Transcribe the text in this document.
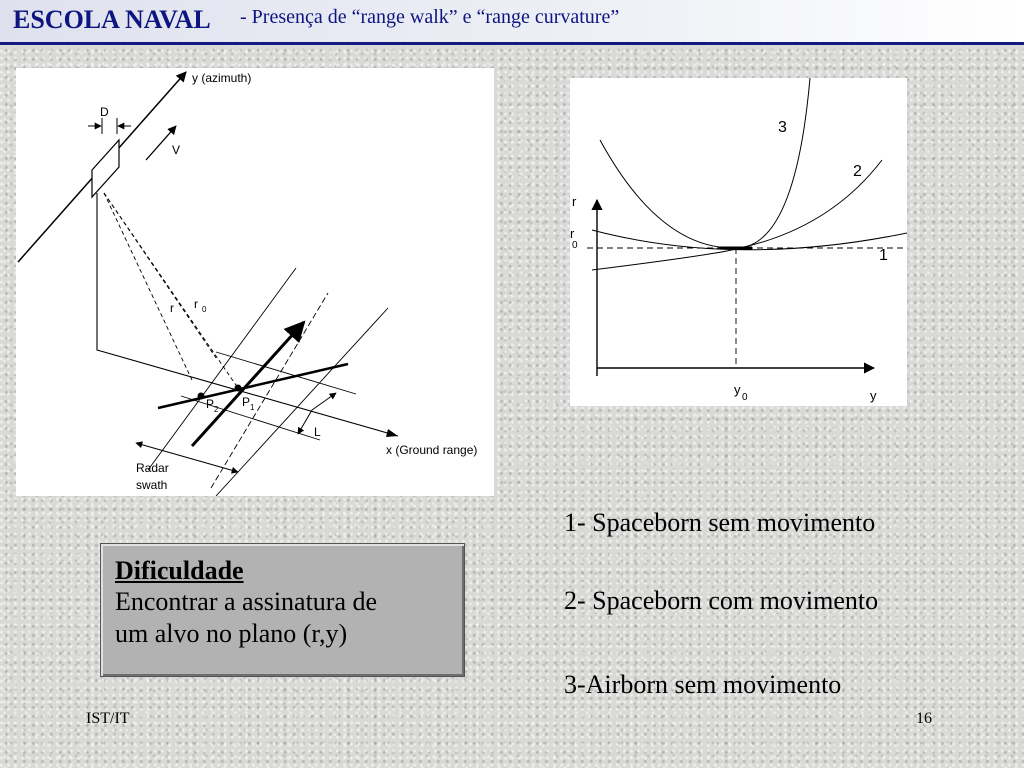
ESCOLA NAVAL - Presença de “range walk” e “range curvature”
y (azimuth)
D
V
x (Ground range)
r r 0
P 2
P 1
L
Radar
swath
r
r
0
y
0	y
3
2
1
1- Spaceborn sem movimento
2- Spaceborn com movimento
3-Airborn sem movimento
Dificuldade
Encontrar a assinatura de
um alvo no plano (r,y)
IST/IT	16
